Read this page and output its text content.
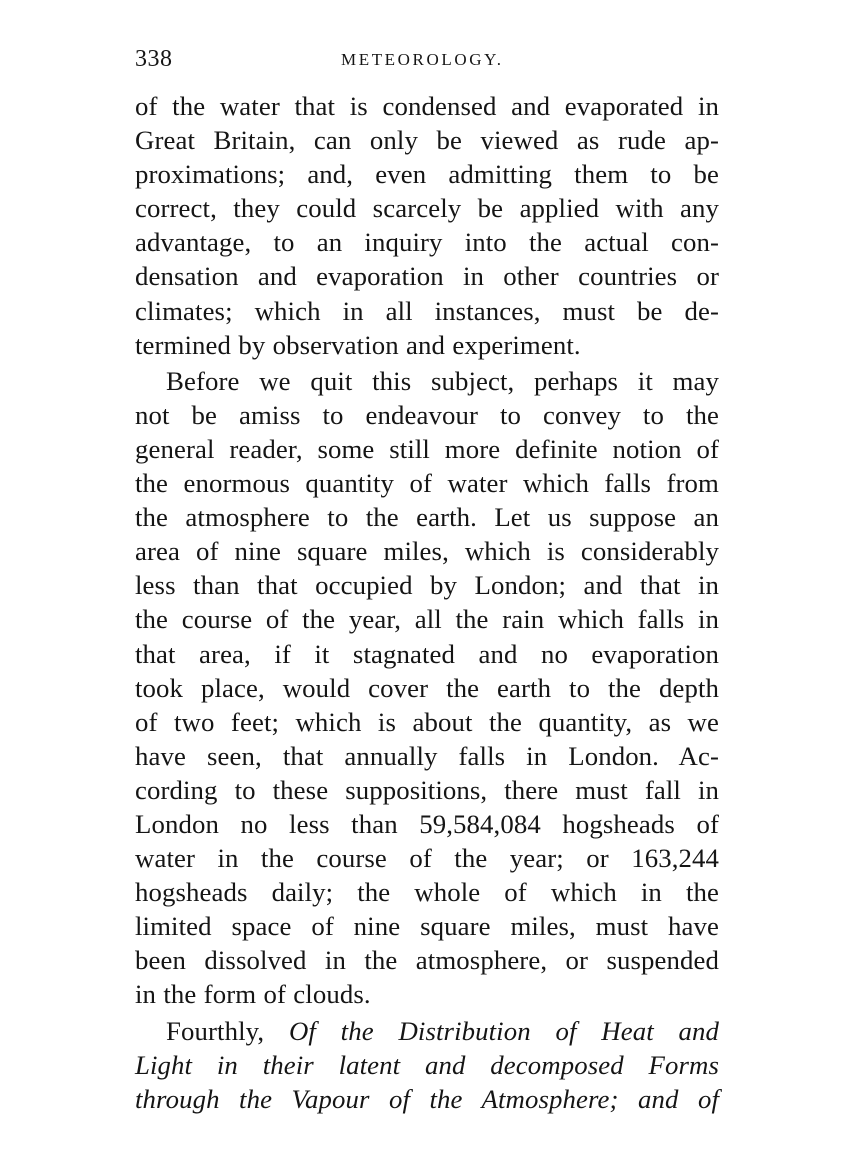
338	METEOROLOGY.

of the water that is condensed and evaporated in
Great Britain, can only be viewed as rude ap-
proximations; and, even admitting them to be
correct, they could scarcely be applied with any
advantage, to an inquiry into the actual con-
densation and evaporation in other countries or
climates; which in all instances, must be de-
termined by observation and experiment.

Before we quit this subject, perhaps it may
not be amiss to endeavour to convey to the
general reader, some still more definite notion of
the enormous quantity of water which falls from
the atmosphere to the earth. Let us suppose an
area of nine square miles, which is considerably
less than that occupied by London; and that in
the course of the year, all the rain which falls in
that area, if it stagnated and no evaporation
took place, would cover the earth to the depth
of two feet; which is about the quantity, as we
have seen, that annually falls in London. Ac-
cording to these suppositions, there must fall in
London no less than 59,584,084 hogsheads of
water in the course of the year; or 163,244
hogsheads daily; the whole of which in the
limited space of nine square miles, must have
been dissolved in the atmosphere, or suspended
in the form of clouds.

Fourthly, Of the Distribution of Heat and
Light in their latent and decomposed Forms
through the Vapour of the Atmosphere; and of
